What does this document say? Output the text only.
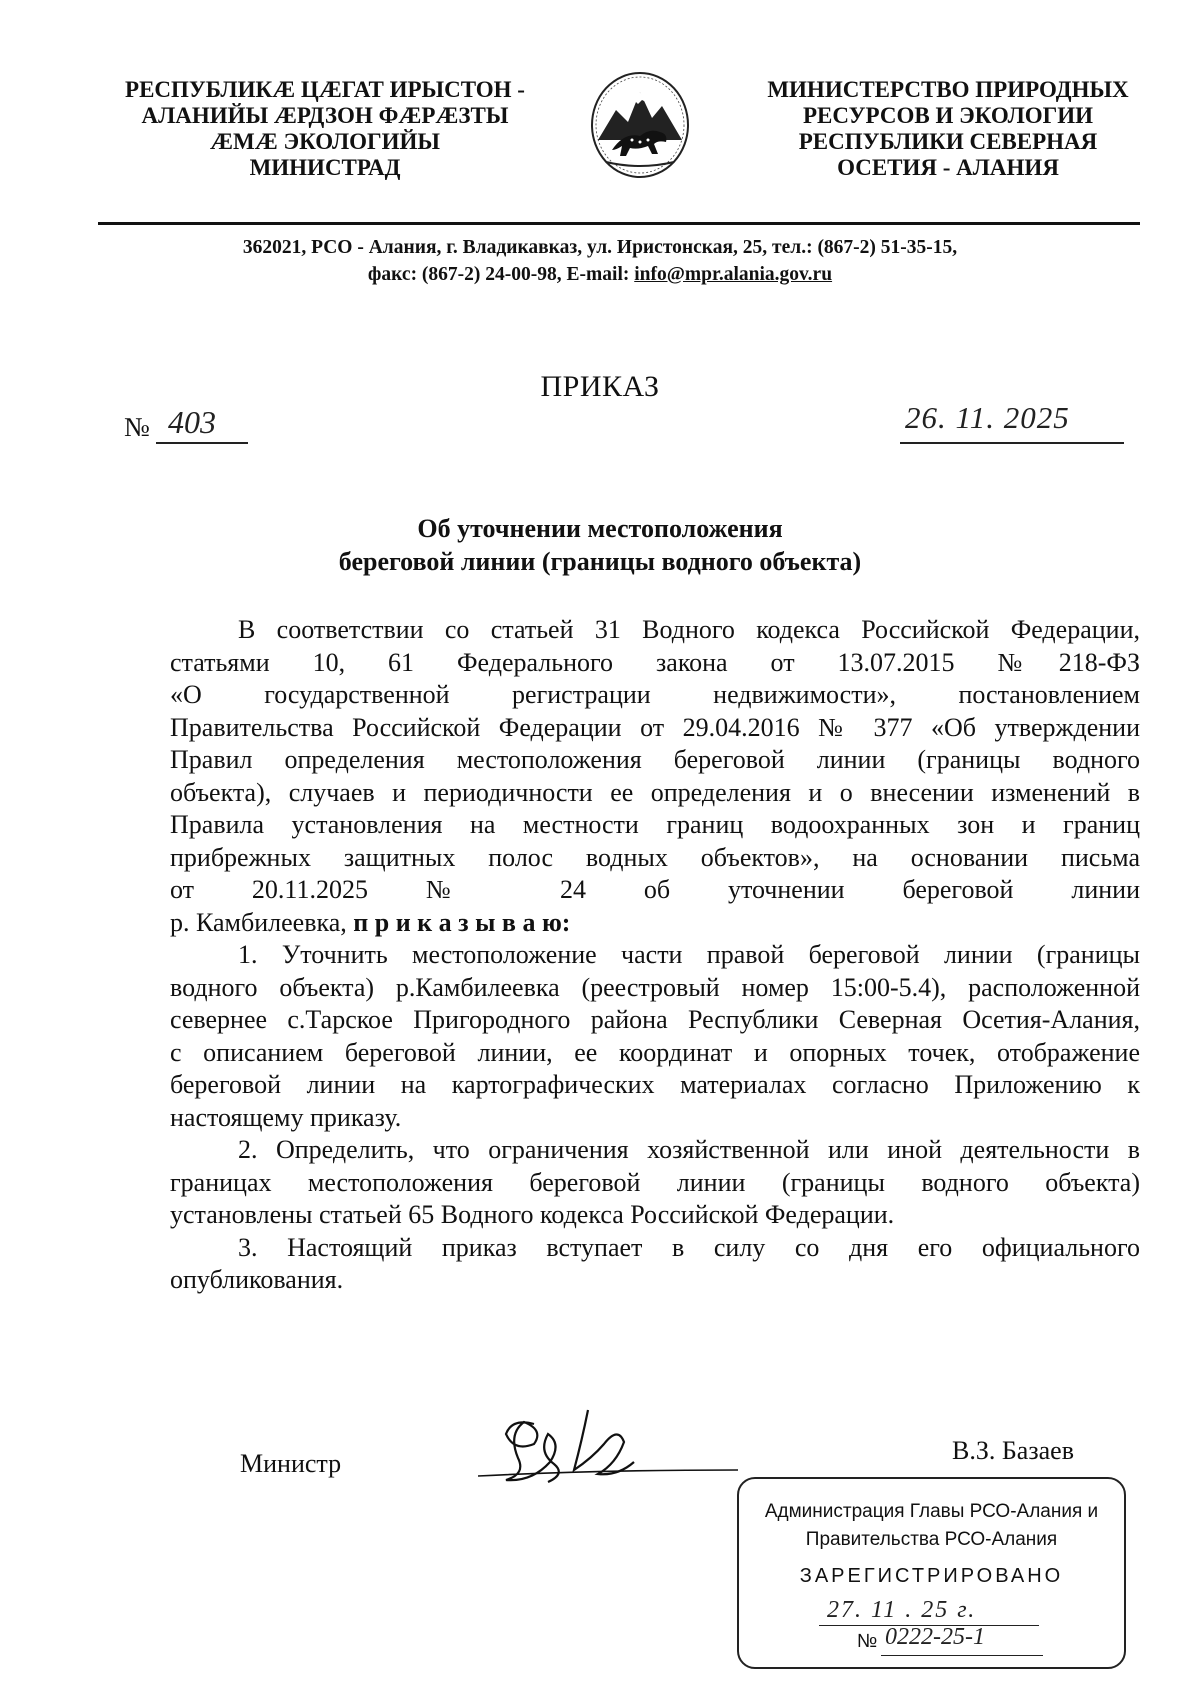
РЕСПУБЛИКÆ ЦÆГАТ ИРЫСТОН -
АЛАНИЙЫ ÆРДЗОН ФÆРÆЗТЫ
ÆМÆ ЭКОЛОГИЙЫ
МИНИСТРАД
МИНИСТЕРСТВО ПРИРОДНЫХ
РЕСУРСОВ И ЭКОЛОГИИ
РЕСПУБЛИКИ СЕВЕРНАЯ
ОСЕТИЯ - АЛАНИЯ
362021, РСО - Алания, г. Владикавказ, ул. Иристонская, 25, тел.: (867-2) 51-35-15,
факс: (867-2) 24-00-98, E-mail: info@mpr.alania.gov.ru
ПРИКАЗ
№ 403	26. 11. 2025
Об уточнении местоположения
береговой линии (границы водного объекта)
В соответствии со статьей 31 Водного кодекса Российской Федерации,
статьями 10, 61 Федерального закона от 13.07.2015 №218-ФЗ
«О государственной регистрации недвижимости», постановлением
Правительства Российской Федерации от 29.04.2016 № 377 «Об утверждении
Правил определения местоположения береговой линии (границы водного
объекта), случаев и периодичности ее определения и о внесении изменений в
Правила установления на местности границ водоохранных зон и границ
прибрежных защитных полос водных объектов», на основании письма
от 20.11.2025 № 24 об уточнении береговой линии
р. Камбилеевка, п р и к а з ы в а ю:
1. Уточнить местоположение части правой береговой линии (границы
водного объекта) р.Камбилеевка (реестровый номер 15:00-5.4), расположенной
севернее с.Тарское Пригородного района Республики Северная Осетия-Алания,
с описанием береговой линии, ее координат и опорных точек, отображение
береговой линии на картографических материалах согласно Приложению к
настоящему приказу.
2. Определить, что ограничения хозяйственной или иной деятельности в
границах местоположения береговой линии (границы водного объекта)
установлены статьей 65 Водного кодекса Российской Федерации.
3. Настоящий приказ вступает в силу со дня его официального
опубликования.
Министр	В.З. Базаев
Администрация Главы РСО-Алания и
Правительства РСО-Алания
ЗАРЕГИСТРИРОВАНО
27. 11 . 25 г.
№ 0222-25-1
